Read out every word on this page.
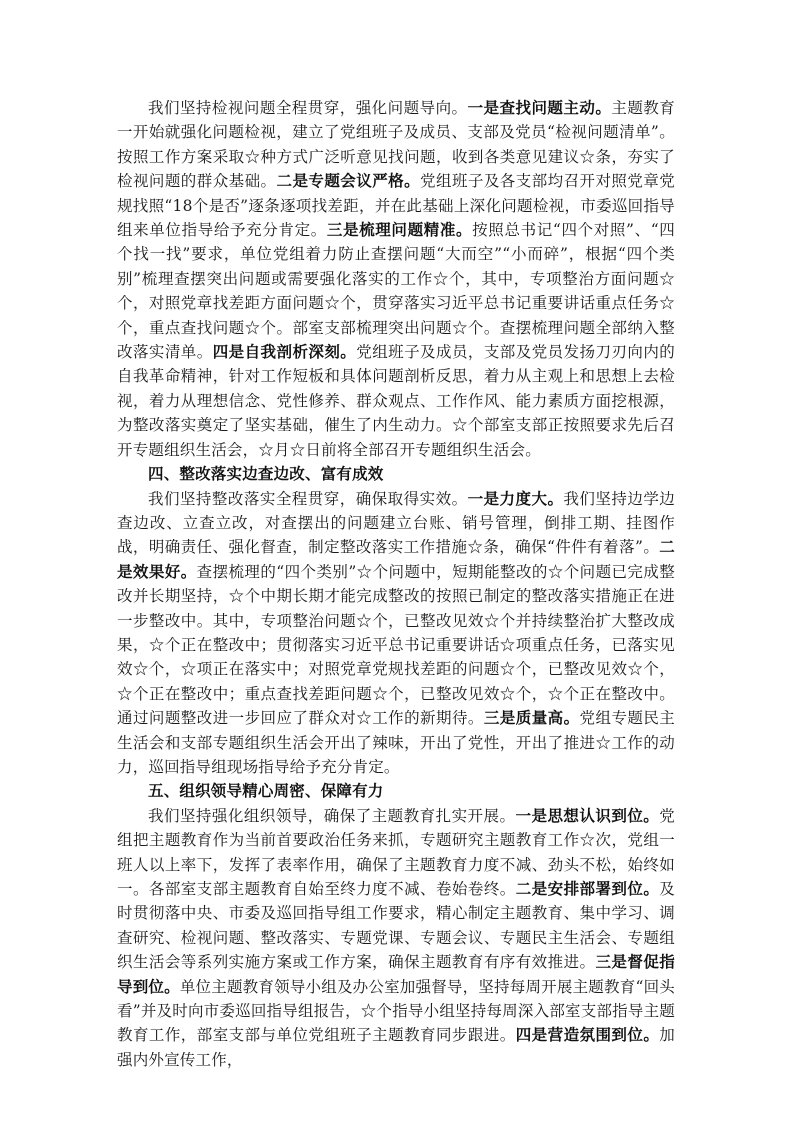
我们坚持检视问题全程贯穿，强化问题导向。一是查找问题主动。主题教育一开始就强化问题检视，建立了党组班子及成员、支部及党员“检视问题清单”。按照工作方案采取☆种方式广泛听意见找问题，收到各类意见建议☆条，夯实了检视问题的群众基础。二是专题会议严格。党组班子及各支部均召开对照党章党规找照“18个是否”逐条逐项找差距，并在此基础上深化问题检视，市委巡回指导组来单位指导给予充分肯定。三是梳理问题精准。按照总书记“四个对照”、“四个找一找”要求，单位党组着力防止查摆问题“大而空”“小而碎”，根据“四个类别”梳理查摆突出问题或需要强化落实的工作☆个，其中，专项整治方面问题☆个，对照党章找差距方面问题☆个，贯穿落实习近平总书记重要讲话重点任务☆个，重点查找问题☆个。部室支部梳理突出问题☆个。查摆梳理问题全部纳入整改落实清单。四是自我剖析深刻。党组班子及成员，支部及党员发扬刀刃向内的自我革命精神，针对工作短板和具体问题剖析反思，着力从主观上和思想上去检视，着力从理想信念、党性修养、群众观点、工作作风、能力素质方面挖根源，为整改落实奠定了坚实基础，催生了内生动力。☆个部室支部正按照要求先后召开专题组织生活会，☆月☆日前将全部召开专题组织生活会。

四、整改落实边查边改、富有成效

我们坚持整改落实全程贯穿，确保取得实效。一是力度大。我们坚持边学边查边改、立查立改，对查摆出的问题建立台账、销号管理，倒排工期、挂图作战，明确责任、强化督查，制定整改落实工作措施☆条，确保“件件有着落”。二是效果好。查摆梳理的“四个类别”☆个问题中，短期能整改的☆个问题已完成整改并长期坚持，☆个中期长期才能完成整改的按照已制定的整改落实措施正在进一步整改中。其中，专项整治问题☆个，已整改见效☆个并持续整治扩大整改成果，☆个正在整改中；贯彻落实习近平总书记重要讲话☆项重点任务，已落实见效☆个，☆项正在落实中；对照党章党规找差距的问题☆个，已整改见效☆个，☆个正在整改中；重点查找差距问题☆个，已整改见效☆个，☆个正在整改中。通过问题整改进一步回应了群众对☆工作的新期待。三是质量高。党组专题民主生活会和支部专题组织生活会开出了辣味，开出了党性，开出了推进☆工作的动力，巡回指导组现场指导给予充分肯定。

五、组织领导精心周密、保障有力

我们坚持强化组织领导，确保了主题教育扎实开展。一是思想认识到位。党组把主题教育作为当前首要政治任务来抓，专题研究主题教育工作☆次，党组一班人以上率下，发挥了表率作用，确保了主题教育力度不减、劲头不松，始终如一。各部室支部主题教育自始至终力度不减、卷始卷终。二是安排部署到位。及时贯彻落中央、市委及巡回指导组工作要求，精心制定主题教育、集中学习、调查研究、检视问题、整改落实、专题党课、专题会议、专题民主生活会、专题组织生活会等系列实施方案或工作方案，确保主题教育有序有效推进。三是督促指导到位。单位主题教育领导小组及办公室加强督导，坚持每周开展主题教育“回头看”并及时向市委巡回指导组报告，☆个指导小组坚持每周深入部室支部指导主题教育工作，部室支部与单位党组班子主题教育同步跟进。四是营造氛围到位。加强内外宣传工作，
